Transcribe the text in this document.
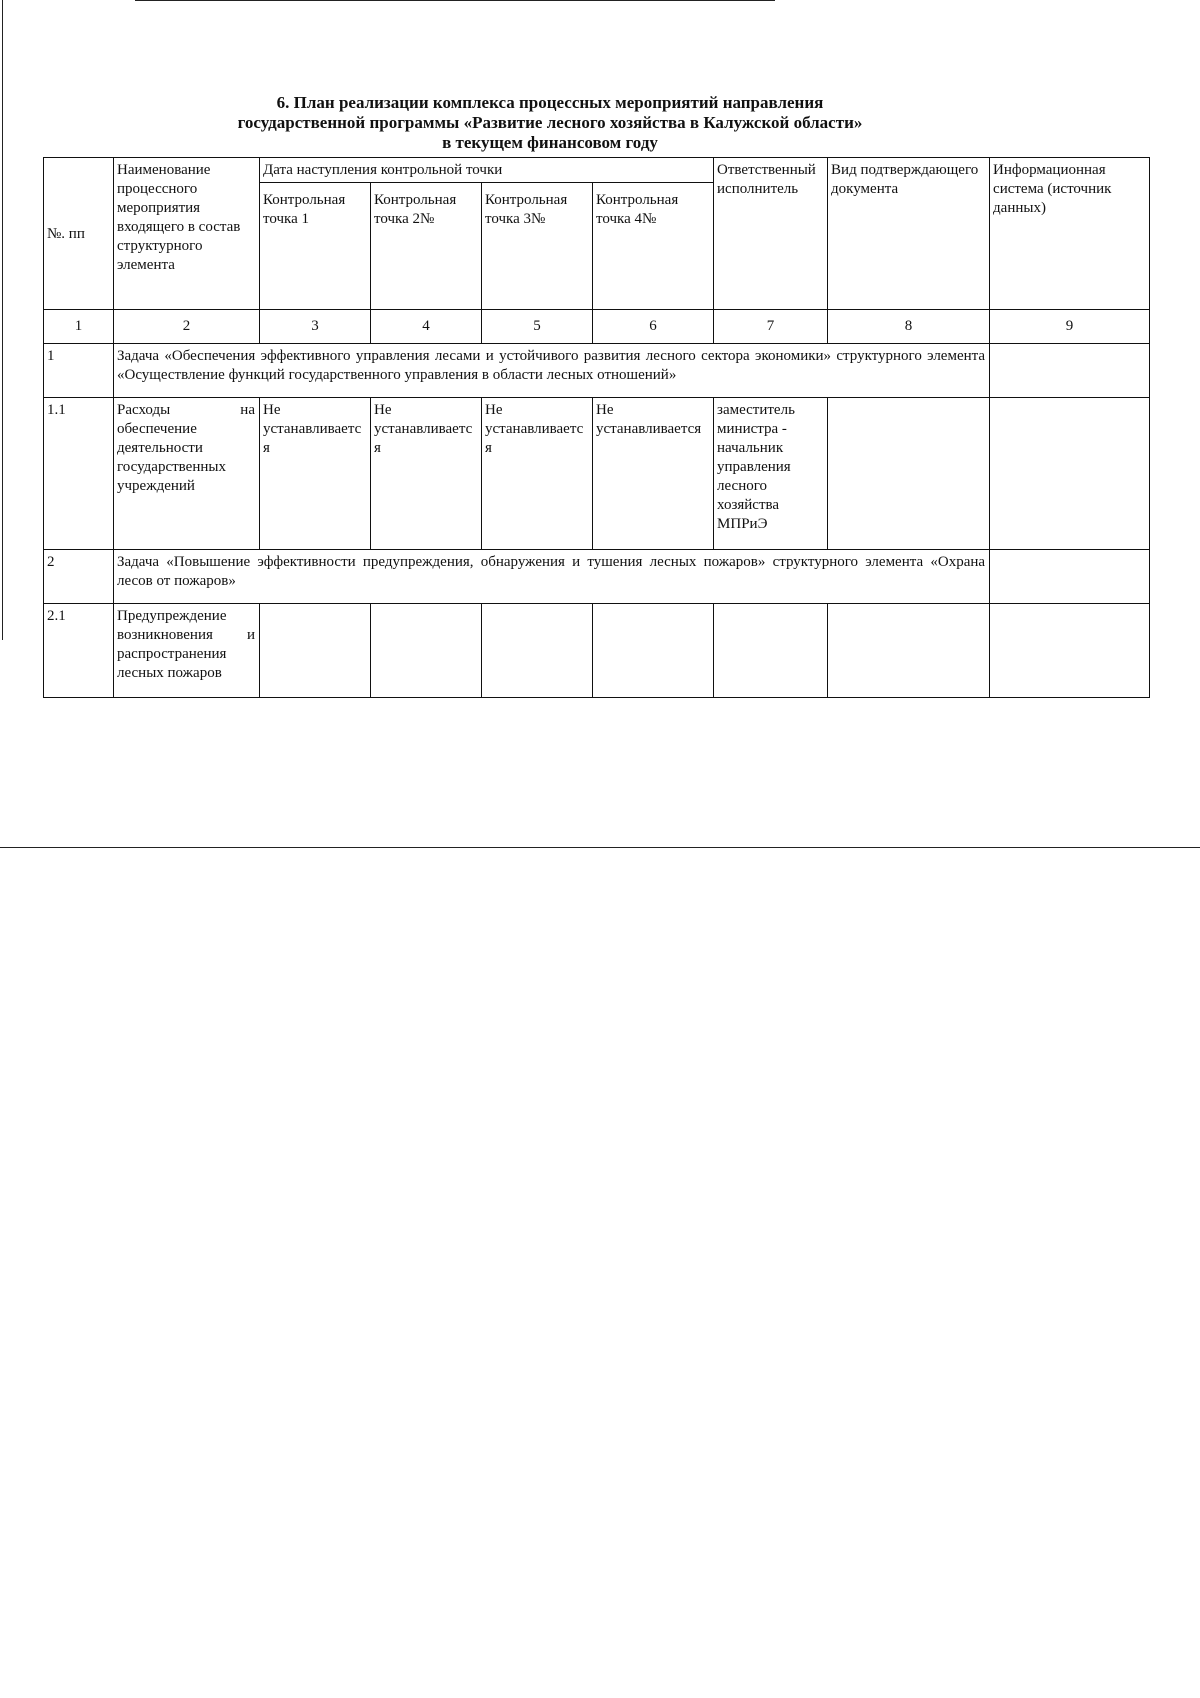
6. План реализации комплекса процессных мероприятий направления
государственной программы «Развитие лесного хозяйства в Калужской области»
в текущем финансовом году
№. пп	Наименование процессного мероприятия входящего в состав структурного элемента	Дата наступления контрольной точки				Ответственный исполнитель	Вид подтверждающего документа	Информационная система (источник данных)
		Контрольная точка 1	Контрольная точка 2№	Контрольная точка 3№	Контрольная точка 4№			
1	2	3	4	5	6	7	8	9
1	Задача «Обеспечения эффективного управления лесами и устойчивого развития лесного сектора экономики» структурного элемента «Осуществление функций государственного управления в области лесных отношений»							
1.1	Расходы на обеспечение деятельности государственных учреждений	Не устанавливается	Не устанавливается	Не устанавливается	Не устанавливается	заместитель министра - начальник управления лесного хозяйства МПРиЭ		
2	Задача «Повышение эффективности предупреждения, обнаружения и тушения лесных пожаров» структурного элемента «Охрана лесов от пожаров»							
2.1	Предупреждение возникновения и распространения лесных пожаров							
